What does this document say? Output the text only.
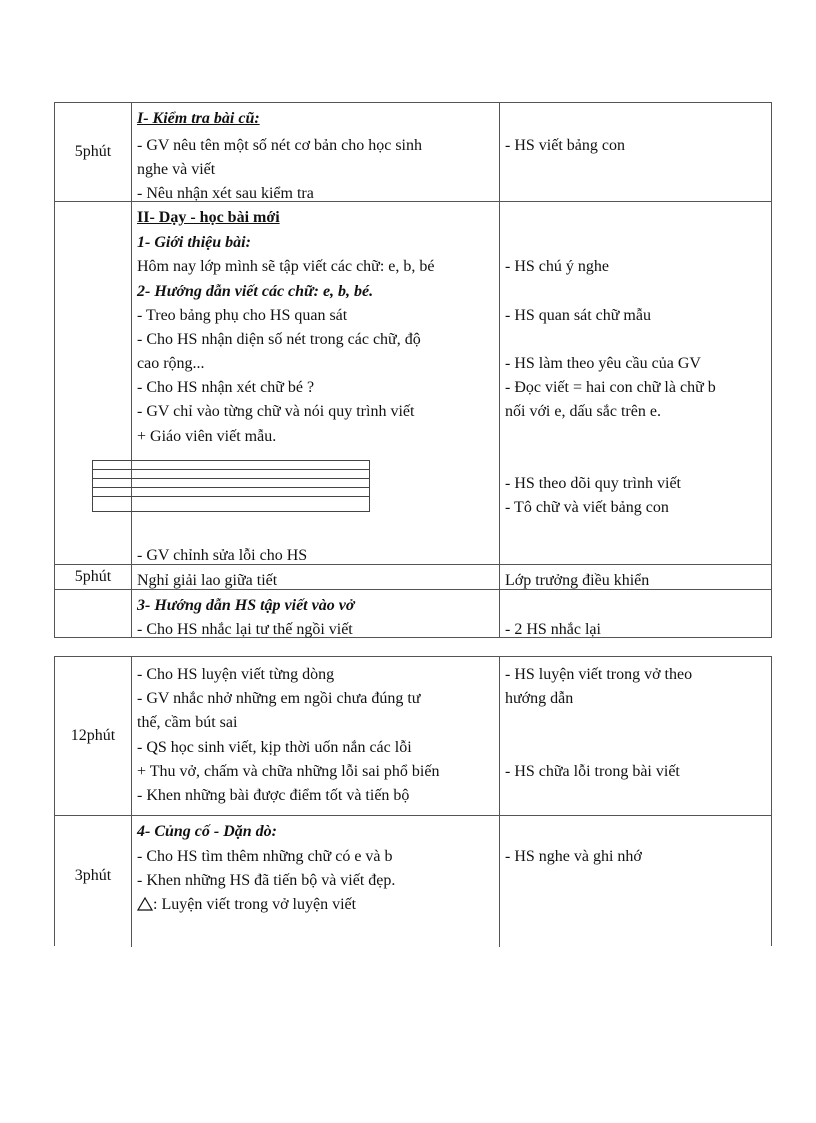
5phút
I- Kiểm tra bài cũ:
- GV nêu tên một số nét cơ bản cho học sinh
nghe và viết
- Nêu nhận xét sau kiểm tra
- HS viết bảng con
II- Dạy - học bài mới
1- Giới thiệu bài:
Hôm nay lớp mình sẽ tập viết các chữ: e, b, bé
2- Hướng dẫn viết các chữ: e, b, bé.
- Treo bảng phụ cho HS quan sát
- Cho HS nhận diện số nét trong các chữ, độ
cao rộng...
- Cho HS nhận xét chữ bé ?
- GV chỉ vào từng chữ và nói quy trình viết
+ Giáo viên viết mẫu.
- GV chỉnh sửa lỗi cho HS
- HS chú ý nghe
- HS quan sát chữ mẫu
- HS làm theo yêu cầu của GV
- Đọc viết = hai con chữ là chữ b
nối với e, dấu sắc trên e.
- HS theo dõi quy trình viết
- Tô chữ và viết bảng con
5phút Nghỉ giải lao giữa tiết	Lớp trưởng điều khiển
3- Hướng dẫn HS tập viết vào vở
- Cho HS nhắc lại tư thế ngồi viết	- 2 HS nhắc lại
12phút
- Cho HS luyện viết từng dòng
- GV nhắc nhở những em ngồi chưa đúng tư
thế, cầm bút sai
- QS học sinh viết, kịp thời uốn nắn các lỗi
+ Thu vở, chấm và chữa những lỗi sai phổ biến
- Khen những bài được điểm tốt và tiến bộ
- HS luyện viết trong vở theo
hướng dẫn
- HS chữa lỗi trong bài viết
3phút
4- Củng cố - Dặn dò:
- Cho HS tìm thêm những chữ có e và b
- Khen những HS đã tiến bộ và viết đẹp.
: Luyện viết trong vở luyện viết
- HS nghe và ghi nhớ
